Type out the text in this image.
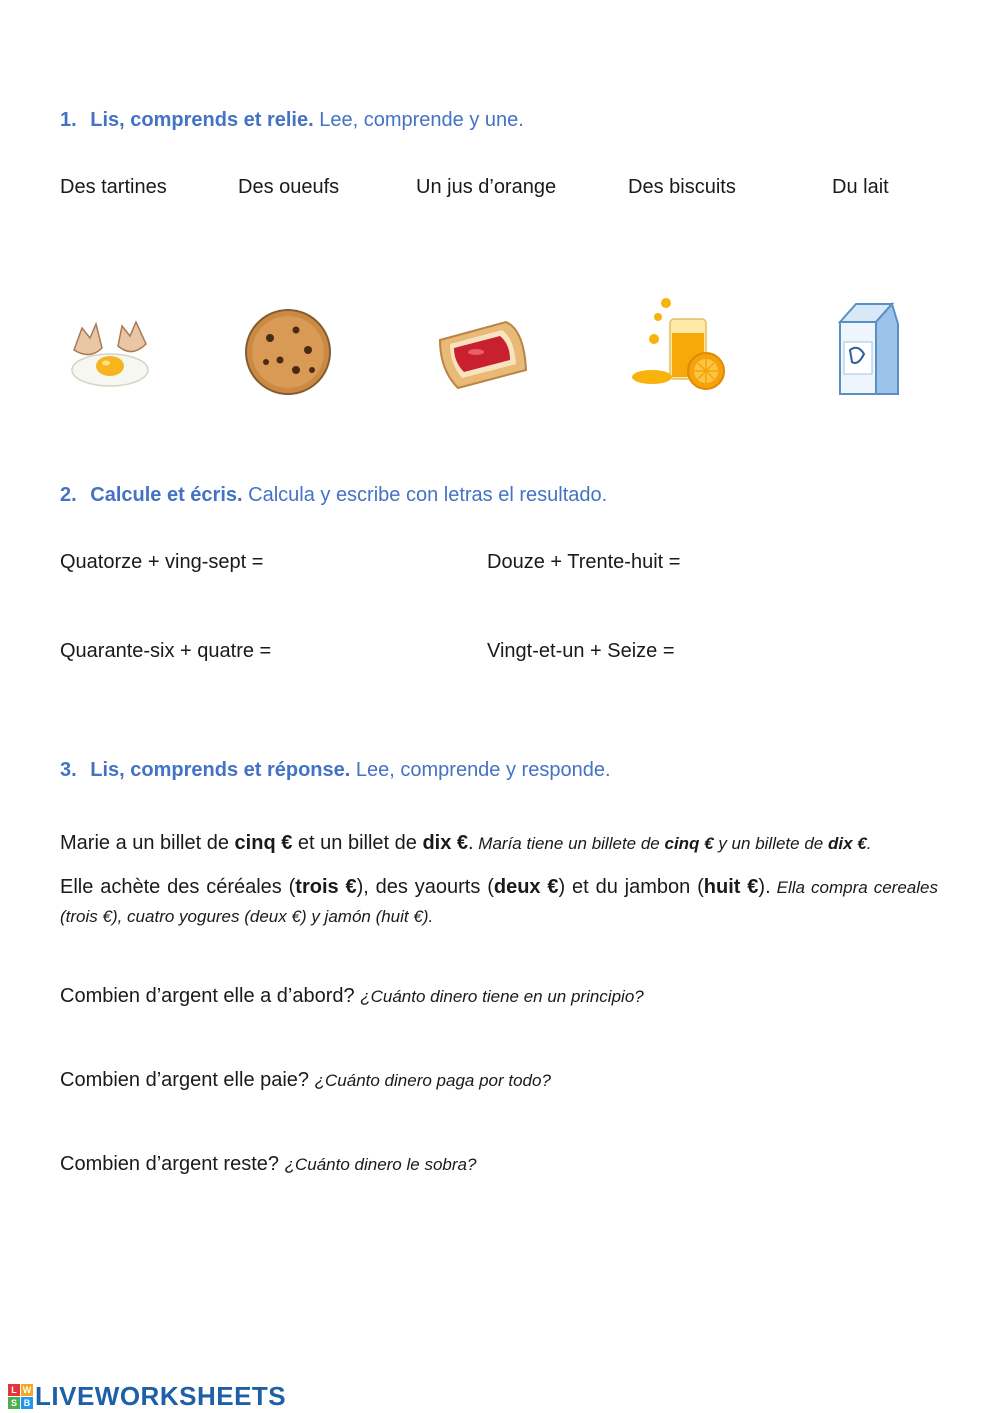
1. Lis, comprends et relie. Lee, comprende y une.
Des tartines	Des oueufs	Un jus d’orange	Des biscuits	Du lait
2. Calcule et écris. Calcula y escribe con letras el resultado.
Quatorze + ving-sept =	Douze + Trente-huit =
Quarante-six + quatre =	Vingt-et-un + Seize =
3. Lis, comprends et réponse. Lee, comprende y responde.
Marie a un billet de cinq € et un billet de dix €. María tiene un billete de cinq € y un billete de dix €.
Elle achète des céréales (trois €), des yaourts (deux €) et du jambon (huit €). Ella compra cereales (trois €), cuatro yogures (deux €) y jamón (huit €).
Combien d’argent elle a d’abord? ¿Cuánto dinero tiene en un principio?
Combien d’argent elle paie? ¿Cuánto dinero paga por todo?
Combien d’argent reste? ¿Cuánto dinero le sobra?
L W
S B LIVEWORKSHEETS
